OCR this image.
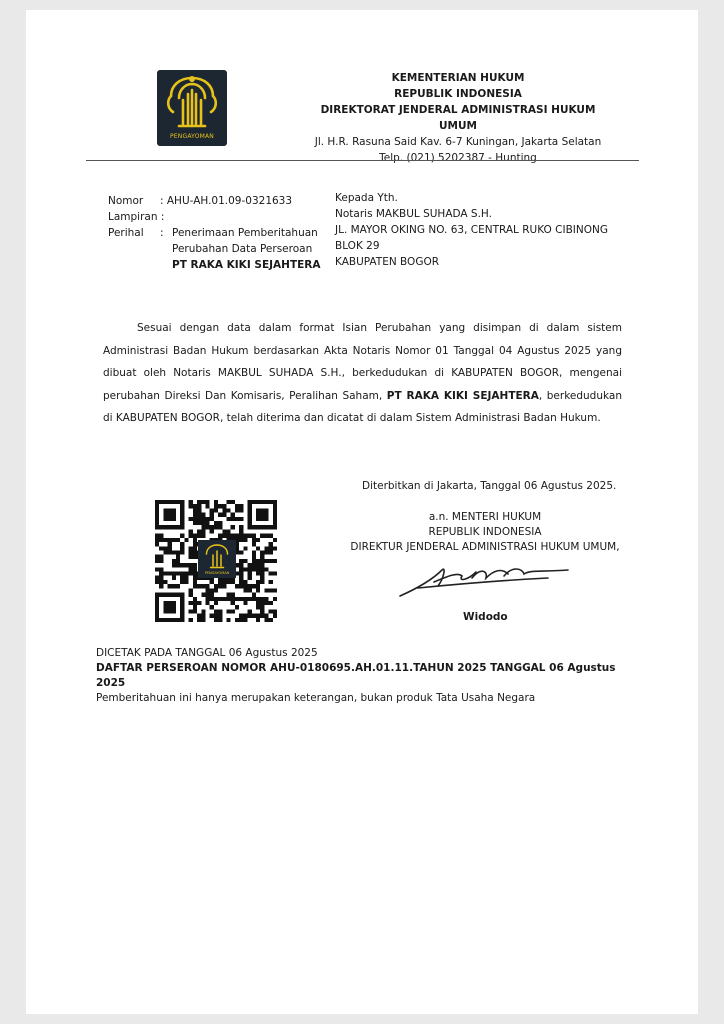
PENGAYOMAN
KEMENTERIAN HUKUM
REPUBLIK INDONESIA
DIREKTORAT JENDERAL ADMINISTRASI HUKUM UMUM
Jl. H.R. Rasuna Said Kav. 6-7 Kuningan, Jakarta Selatan
Telp. (021) 5202387 - Hunting
Nomor	: AHU-AH.01.09-0321633
Lampiran :
Perihal	: Penerimaan Pemberitahuan
Perubahan Data Perseroan
PT RAKA KIKI SEJAHTERA
Kepada Yth.
Notaris MAKBUL SUHADA S.H.
JL. MAYOR OKING NO. 63, CENTRAL RUKO CIBINONG
BLOK 29
KABUPATEN BOGOR
Sesuai dengan data dalam format Isian Perubahan yang disimpan di dalam sistem Administrasi Badan Hukum berdasarkan Akta Notaris Nomor 01 Tanggal 04 Agustus 2025 yang dibuat oleh Notaris MAKBUL SUHADA S.H., berkedudukan di KABUPATEN BOGOR, mengenai perubahan Direksi Dan Komisaris, Peralihan Saham, PT RAKA KIKI SEJAHTERA, berkedudukan di KABUPATEN BOGOR, telah diterima dan dicatat di dalam Sistem Administrasi Badan Hukum.
Diterbitkan di Jakarta, Tanggal 06 Agustus 2025.
a.n. MENTERI HUKUM
REPUBLIK INDONESIA
DIREKTUR JENDERAL ADMINISTRASI HUKUM UMUM,
Widodo
PENGAYOMAN
DICETAK PADA TANGGAL 06 Agustus 2025
DAFTAR PERSEROAN NOMOR AHU-0180695.AH.01.11.TAHUN 2025 TANGGAL 06 Agustus 2025
Pemberitahuan ini hanya merupakan keterangan, bukan produk Tata Usaha Negara
